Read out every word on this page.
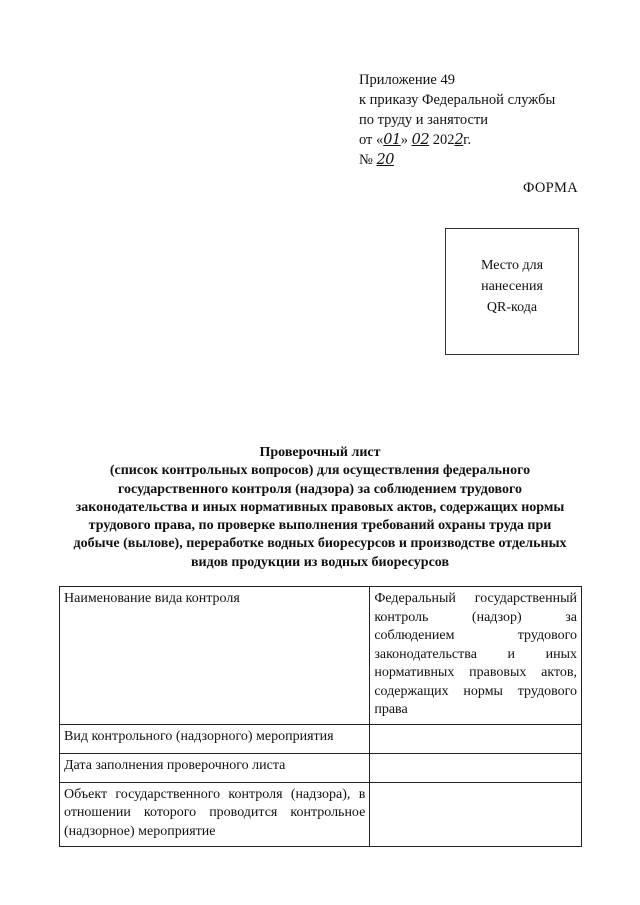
Приложение 49
к приказу Федеральной службы
по труду и занятости
от «01» 02 2022г.
№ 20
ФОРМА
Место для
нанесения
QR-кода
Проверочный лист
(список контрольных вопросов) для осуществления федерального
государственного контроля (надзора) за соблюдением трудового
законодательства и иных нормативных правовых актов, содержащих нормы
трудового права, по проверке выполнения требований охраны труда при
добыче (вылове), переработке водных биоресурсов и производстве отдельных
видов продукции из водных биоресурсов
Наименование вида контроля	Федеральный государственный контроль (надзор) за соблюдением трудового законодательства и иных нормативных правовых актов, содержащих нормы трудового права
Вид контрольного (надзорного) мероприятия	
Дата заполнения проверочного листа	
Объект государственного контроля (надзора), в отношении которого проводится контрольное (надзорное) мероприятие	
